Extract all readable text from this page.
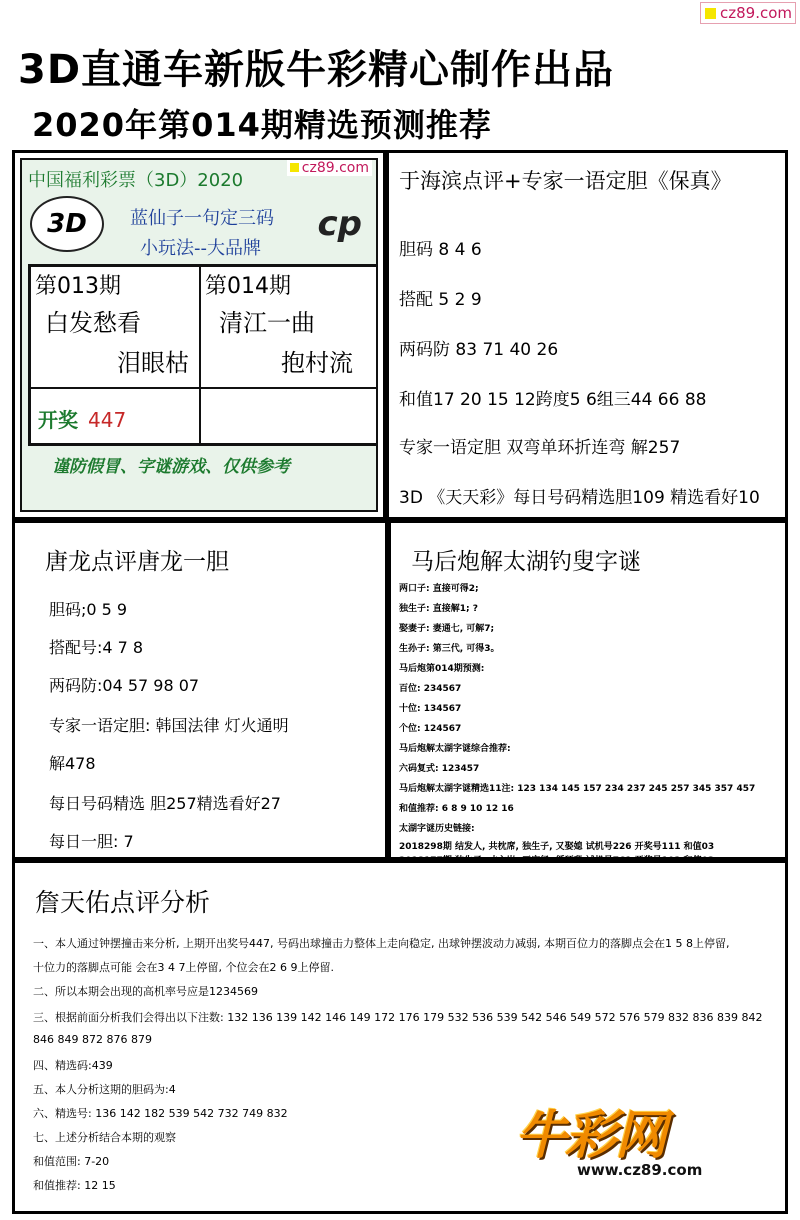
cz89.com
3D直通车新版牛彩精心制作出品
2020年第014期精选预测推荐
中国福利彩票（3D）2020
cz89.com
3D	蓝仙子一句定三码
小玩法--大品牌
cp
第013期
白发愁看
泪眼枯
第014期
清江一曲
抱村流
开奖 447
谨防假冒、字谜游戏、仅供参考
于海滨点评+专家一语定胆《保真》
胆码 8 4 6
搭配 5 2 9
两码防 83 71 40 26
和值17 20 15 12跨度5 6组三44 66 88
专家一语定胆 双弯单环折连弯 解257
3D 《天天彩》每日号码精选胆109 精选看好10
唐龙点评唐龙一胆
胆码;0 5 9
搭配号:4 7 8
两码防:04 57 98 07
专家一语定胆: 韩国法律 灯火通明
解478
每日号码精选 胆257精选看好27
每日一胆: 7
马后炮解太湖钓叟字谜
两口子: 直接可得2;
独生子: 直接解1; ?
娶妻子: 妻通七, 可解7;
生孙子: 第三代, 可得3。
马后炮第014期预测:
百位: 234567
十位: 134567
个位: 124567
马后炮解太湖字谜综合推荐:
六码复式: 123457
马后炮解太湖字谜精选11注: 123 134 145 157 234 237 245 257 345 357 457
和值推荐: 6 8 9 10 12 16
太湖字谜历史链接:
2018298期 结发人, 共枕席, 独生子, 又娶媳 试机号226 开奖号111 和值03
詹天佑点评分析
一、本人通过钟摆撞击来分析, 上期开出奖号447, 号码出球撞击力整体上走向稳定, 出球钟摆波动力减弱, 本期百位力的落脚点会在1 5 8上停留,
十位力的落脚点可能 会在3 4 7上停留, 个位会在2 6 9上停留.
二、所以本期会出现的高机率号应是1234569
三、根据前面分析我们会得出以下注数: 132 136 139 142 146 149 172 176 179 532 536 539 542 546 549 572 576 579 832 836 839 842
846 849 872 876 879
四、精选码:439
五、本人分析这期的胆码为:4
六、精选号: 136 142 182 539 542 732 749 832
七、上述分析结合本期的观察
和值范围: 7-20
和值推荐: 12 15
牛彩网
www.cz89.com
